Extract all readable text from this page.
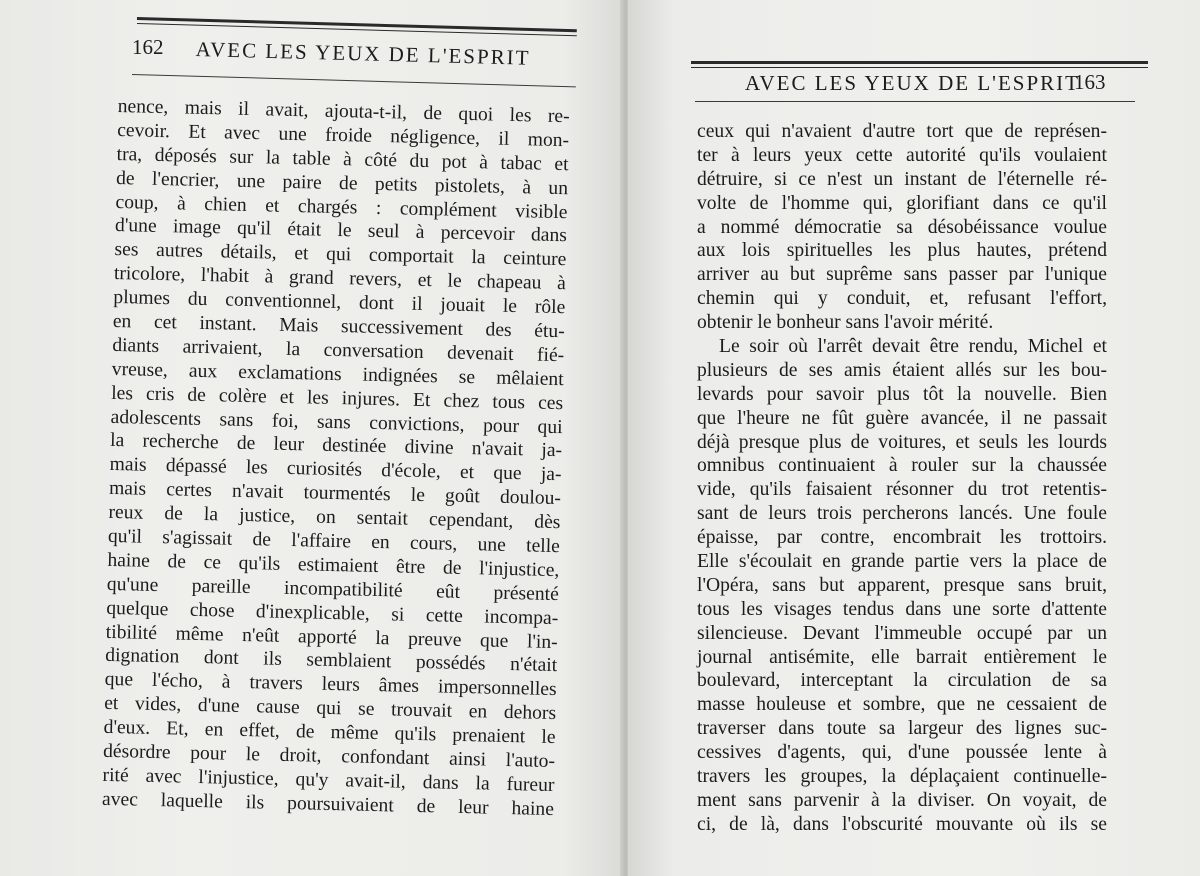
162 AVEC LES YEUX DE L'ESPRIT
nence, mais il avait, ajouta-t-il, de quoi les re-
cevoir. Et avec une froide négligence, il mon-
tra, déposés sur la table à côté du pot à tabac et
de l'encrier, une paire de petits pistolets, à un
coup, à chien et chargés : complément visible
d'une image qu'il était le seul à percevoir dans
ses autres détails, et qui comportait la ceinture
tricolore, l'habit à grand revers, et le chapeau à
plumes du conventionnel, dont il jouait le rôle
en cet instant. Mais successivement des étu-
diants arrivaient, la conversation devenait fié-
vreuse, aux exclamations indignées se mêlaient
les cris de colère et les injures. Et chez tous ces
adolescents sans foi, sans convictions, pour qui
la recherche de leur destinée divine n'avait ja-
mais dépassé les curiosités d'école, et que ja-
mais certes n'avait tourmentés le goût doulou-
reux de la justice, on sentait cependant, dès
qu'il s'agissait de l'affaire en cours, une telle
haine de ce qu'ils estimaient être de l'injustice,
qu'une pareille incompatibilité eût présenté
quelque chose d'inexplicable, si cette incompa-
tibilité même n'eût apporté la preuve que l'in-
dignation dont ils semblaient possédés n'était
que l'écho, à travers leurs âmes impersonnelles
et vides, d'une cause qui se trouvait en dehors
d'eux. Et, en effet, de même qu'ils prenaient le
désordre pour le droit, confondant ainsi l'auto-
rité avec l'injustice, qu'y avait-il, dans la fureur
avec laquelle ils poursuivaient de leur haine
AVEC LES YEUX DE L'ESPRIT
163
ceux qui n'avaient d'autre tort que de représen-
ter à leurs yeux cette autorité qu'ils voulaient
détruire, si ce n'est un instant de l'éternelle ré-
volte de l'homme qui, glorifiant dans ce qu'il
a nommé démocratie sa désobéissance voulue
aux lois spirituelles les plus hautes, prétend
arriver au but suprême sans passer par l'unique
chemin qui y conduit, et, refusant l'effort,
obtenir le bonheur sans l'avoir mérité.
Le soir où l'arrêt devait être rendu, Michel et
plusieurs de ses amis étaient allés sur les bou-
levards pour savoir plus tôt la nouvelle. Bien
que l'heure ne fût guère avancée, il ne passait
déjà presque plus de voitures, et seuls les lourds
omnibus continuaient à rouler sur la chaussée
vide, qu'ils faisaient résonner du trot retentis-
sant de leurs trois percherons lancés. Une foule
épaisse, par contre, encombrait les trottoirs.
Elle s'écoulait en grande partie vers la place de
l'Opéra, sans but apparent, presque sans bruit,
tous les visages tendus dans une sorte d'attente
silencieuse. Devant l'immeuble occupé par un
journal antisémite, elle barrait entièrement le
boulevard, interceptant la circulation de sa
masse houleuse et sombre, que ne cessaient de
traverser dans toute sa largeur des lignes suc-
cessives d'agents, qui, d'une poussée lente à
travers les groupes, la déplaçaient continuelle-
ment sans parvenir à la diviser. On voyait, de
ci, de là, dans l'obscurité mouvante où ils se
